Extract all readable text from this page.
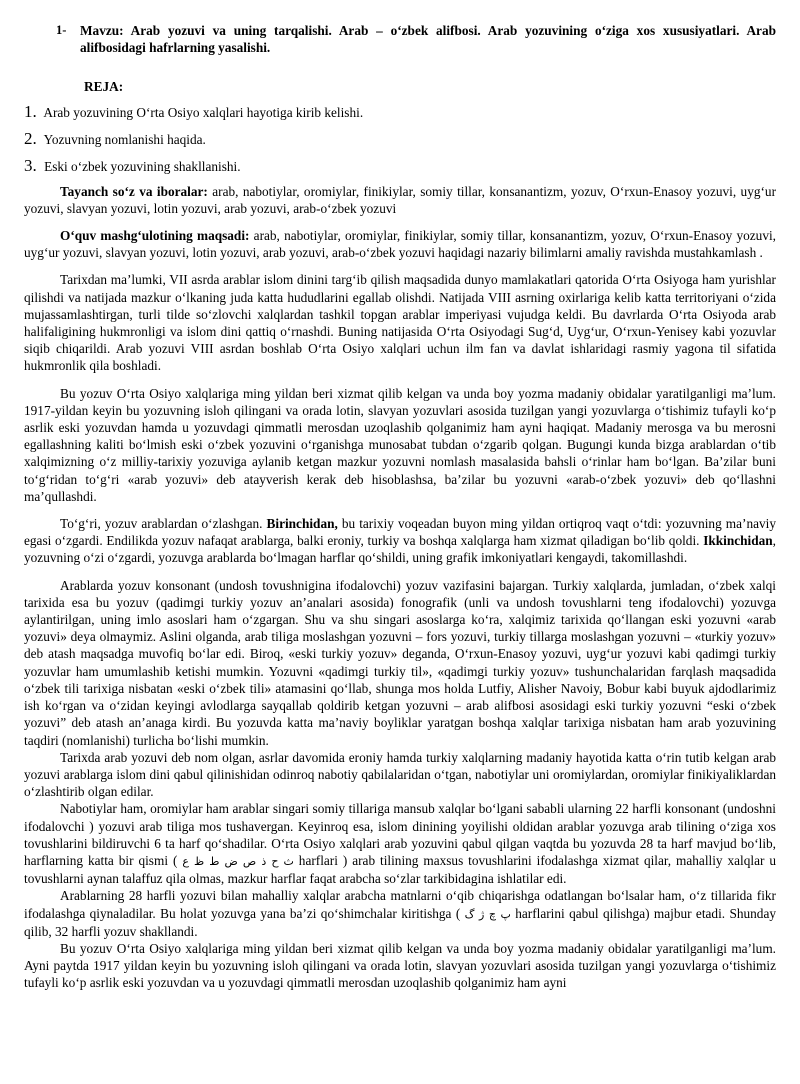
1-	Mavzu: Arab yozuvi va uning tarqalishi. Arab – o‘zbek alifbosi. Arab yozuvining o‘ziga xos xususiyatlari. Arab alifbosidagi hafrlarning yasalishi.
REJA:
1. Arab yozuvining O‘rta Osiyo xalqlari hayotiga kirib kelishi.
2. Yozuvning nomlanishi haqida.
3. Eski o‘zbek yozuvining shakllanishi.

Tayanch so‘z va iboralar: arab, nabotiylar, oromiylar, finikiylar, somiy tillar, konsanantizm, yozuv, O‘rxun-Enasoy yozuvi, uyg‘ur yozuvi, slavyan yozuvi, lotin yozuvi, arab yozuvi, arab-o‘zbek yozuvi

O‘quv mashg‘ulotining maqsadi: arab, nabotiylar, oromiylar, finikiylar, somiy tillar, konsanantizm, yozuv, O‘rxun-Enasoy yozuvi, uyg‘ur yozuvi, slavyan yozuvi, lotin yozuvi, arab yozuvi, arab-o‘zbek yozuvi haqidagi nazariy bilimlarni amaliy ravishda mustahkamlash .

Tarixdan ma’lumki, VII asrda arablar islom dinini targ‘ib qilish maqsadida dunyo mamlakatlari qatorida O‘rta Osiyoga ham yurishlar qilishdi va natijada mazkur o‘lkaning juda katta hududlarini egallab olishdi. Natijada VIII asrning oxirlariga kelib katta territoriyani o‘zida mujassamlashtirgan, turli tilde so‘zlovchi xalqlardan tashkil topgan arablar imperiyasi vujudga keldi. Bu davrlarda O‘rta Osiyoda arab halifaligining hukmronligi va islom dini qattiq o‘rnashdi. Buning natijasida O‘rta Osiyodagi Sug‘d, Uyg‘ur, O‘rxun-Yenisey kabi yozuvlar siqib chiqarildi. Arab yozuvi VIII asrdan boshlab O‘rta Osiyo xalqlari uchun ilm fan va davlat ishlaridagi rasmiy yagona til sifatida hukmronlik qila boshladi.

Bu yozuv O‘rta Osiyo xalqlariga ming yildan beri xizmat qilib kelgan va unda boy yozma madaniy obidalar yaratilganligi ma’lum. 1917-yildan keyin bu yozuvning isloh qilingani va orada lotin, slavyan yozuvlari asosida tuzilgan yangi yozuvlarga o‘tishimiz tufayli ko‘p asrlik eski yozuvdan hamda u yozuvdagi qimmatli merosdan uzoqlashib qolganimiz ham ayni haqiqat. Madaniy merosga va bu merosni egallashning kaliti bo‘lmish eski o‘zbek yozuvini o‘rganishga munosabat tubdan o‘zgarib qolgan. Bugungi kunda bizga arablardan o‘tib xalqimizning o‘z milliy-tarixiy yozuviga aylanib ketgan mazkur yozuvni nomlash masalasida bahsli o‘rinlar ham bo‘lgan. Ba’zilar buni to‘g‘ridan to‘g‘ri «arab yozuvi» deb atayverish kerak deb hisoblashsa, ba’zilar bu yozuvni «arab-o‘zbek yozuvi» deb qo‘llashni ma’qullashdi.

To‘g‘ri, yozuv arablardan o‘zlashgan. Birinchidan, bu tarixiy voqeadan buyon ming yildan ortiqroq vaqt o‘tdi: yozuvning ma’naviy egasi o‘zgardi. Endilikda yozuv nafaqat arablarga, balki eroniy, turkiy va boshqa xalqlarga ham xizmat qiladigan bo‘lib qoldi. Ikkinchidan, yozuvning o‘zi o‘zgardi, yozuvga arablarda bo‘lmagan harflar qo‘shildi, uning grafik imkoniyatlari kengaydi, takomillashdi.

Arablarda yozuv konsonant (undosh tovushnigina ifodalovchi) yozuv vazifasini bajargan. Turkiy xalqlarda, jumladan, o‘zbek xalqi tarixida esa bu yozuv (qadimgi turkiy yozuv an’analari asosida) fonografik (unli va undosh tovushlarni teng ifodalovchi) yozuvga aylantirilgan, uning imlo asoslari ham o‘zgargan. Shu va shu singari asoslarga ko‘ra, xalqimiz tarixida qo‘llangan eski yozuvni «arab yozuvi» deya olmaymiz. Aslini olganda, arab tiliga moslashgan yozuvni – fors yozuvi, turkiy tillarga moslashgan yozuvni – «turkiy yozuv» deb atash maqsadga muvofiq bo‘lar edi. Biroq, «eski turkiy yozuv» deganda, O‘rxun-Enasoy yozuvi, uyg‘ur yozuvi kabi qadimgi turkiy yozuvlar ham umumlashib ketishi mumkin. Yozuvni «qadimgi turkiy til», «qadimgi turkiy yozuv» tushunchalaridan farqlash maqsadida o‘zbek tili tarixiga nisbatan «eski o‘zbek tili» atamasini qo‘llab, shunga mos holda Lutfiy, Alisher Navoiy, Bobur kabi buyuk ajdodlarimiz ish ko‘rgan va o‘zidan keyingi avlodlarga sayqallab qoldirib ketgan yozuvni – arab alifbosi asosidagi eski turkiy yozuvni “eski o‘zbek yozuvi” deb atash an’anaga kirdi. Bu yozuvda katta ma’naviy boyliklar yaratgan boshqa xalqlar tarixiga nisbatan ham arab yozuvining taqdiri (nomlanishi) turlicha bo‘lishi mumkin.

Tarixda arab yozuvi deb nom olgan, asrlar davomida eroniy hamda turkiy xalqlarning madaniy hayotida katta o‘rin tutib kelgan arab yozuvi arablarga islom dini qabul qilinishidan odinroq nabotiy qabilalaridan o‘tgan, nabotiylar uni oromiylardan, oromiylar finikiyaliklardan o‘zlashtirib olgan edilar.

Nabotiylar ham, oromiylar ham arablar singari somiy tillariga mansub xalqlar bo‘lgani sababli ularning 22 harfli konsonant (undoshni ifodalovchi ) yozuvi arab tiliga mos tushavergan. Keyinroq esa, islom dinining yoyilishi oldidan arablar yozuvga arab tilining o‘ziga xos tovushlarini bildiruvchi 6 ta harf qo‘shadilar. O‘rta Osiyo xalqlari arab yozuvini qabul qilgan vaqtda bu yozuvda 28 ta harf mavjud bo‘lib, harflarning katta bir qismi ( ث ح ذ ص ض ط ظ ع harflari ) arab tilining maxsus tovushlarini ifodalashga xizmat qilar, mahalliy xalqlar u tovushlarni aynan talaffuz qila olmas, mazkur harflar faqat arabcha so‘zlar tarkibidagina ishlatilar edi.

Arablarning 28 harfli yozuvi bilan mahalliy xalqlar arabcha matnlarni o‘qib chiqarishga odatlangan bo‘lsalar ham, o‘z tillarida fikr ifodalashga qiynaladilar. Bu holat yozuvga yana ba’zi qo‘shimchalar kiritishga ( پ چ ژ گ harflarini qabul qilishga) majbur etadi. Shunday qilib, 32 harfli yozuv shakllandi.

Bu yozuv O‘rta Osiyo xalqlariga ming yildan beri xizmat qilib kelgan va unda boy yozma madaniy obidalar yaratilganligi ma’lum. Ayni paytda 1917 yildan keyin bu yozuvning isloh qilingani va orada lotin, slavyan yozuvlari asosida tuzilgan yangi yozuvlarga o‘tishimiz tufayli ko‘p asrlik eski yozuvdan va u yozuvdagi qimmatli merosdan uzoqlashib qolganimiz ham ayni
